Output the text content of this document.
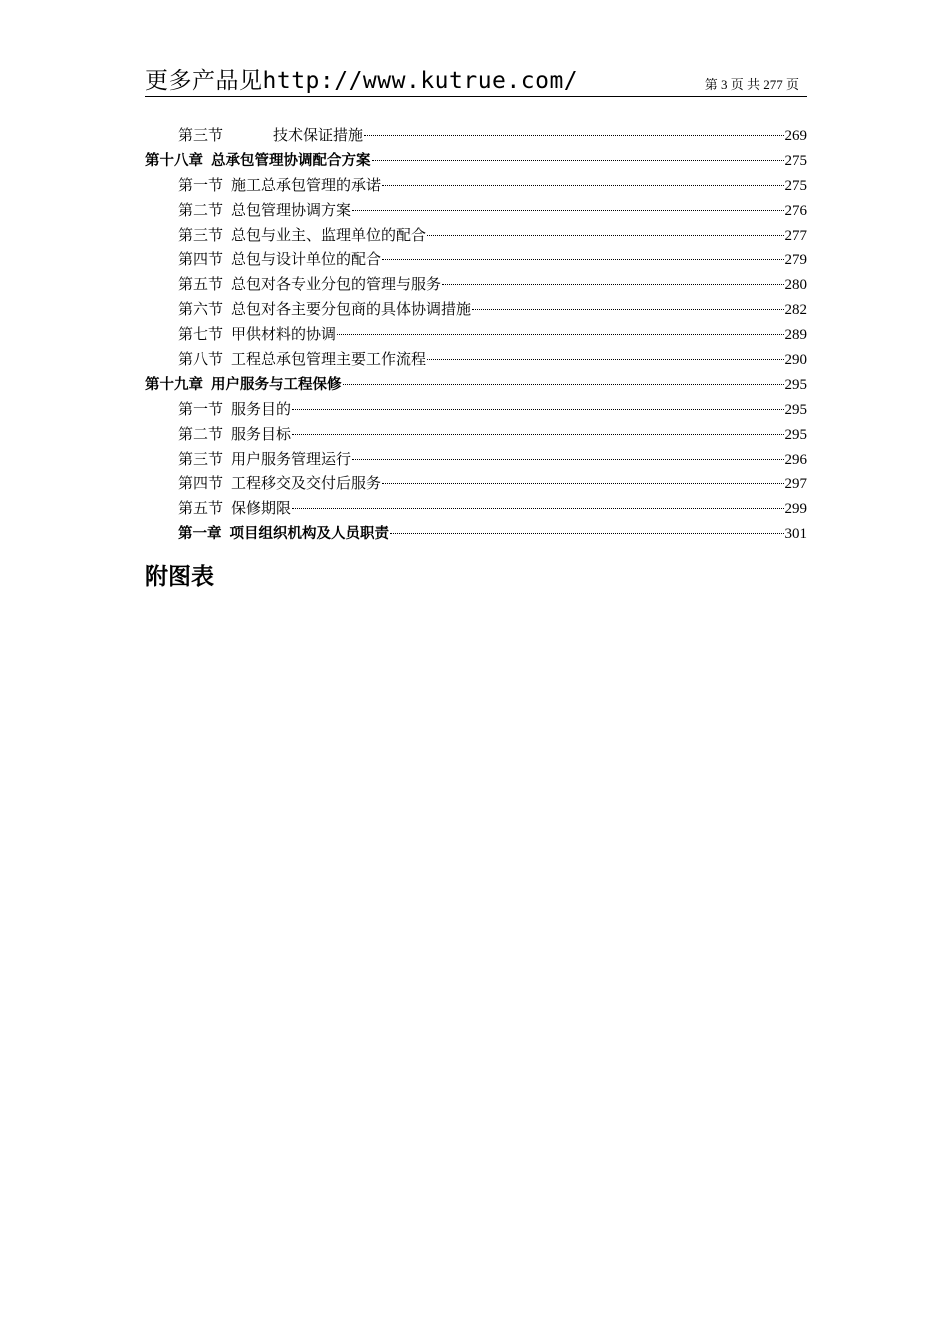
更多产品见http://www.kutrue.com/	第 3 页 共 277 页
第三节	技术保证措施	269
第十八章 总承包管理协调配合方案	275
第一节 施工总承包管理的承诺	275
第二节 总包管理协调方案	276
第三节 总包与业主、监理单位的配合	277
第四节 总包与设计单位的配合	279
第五节 总包对各专业分包的管理与服务	280
第六节 总包对各主要分包商的具体协调措施	282
第七节 甲供材料的协调	289
第八节 工程总承包管理主要工作流程	290
第十九章 用户服务与工程保修	295
第一节 服务目的	295
第二节 服务目标	295
第三节 用户服务管理运行	296
第四节 工程移交及交付后服务	297
第五节 保修期限	299
第一章 项目组织机构及人员职责	301
附图表
